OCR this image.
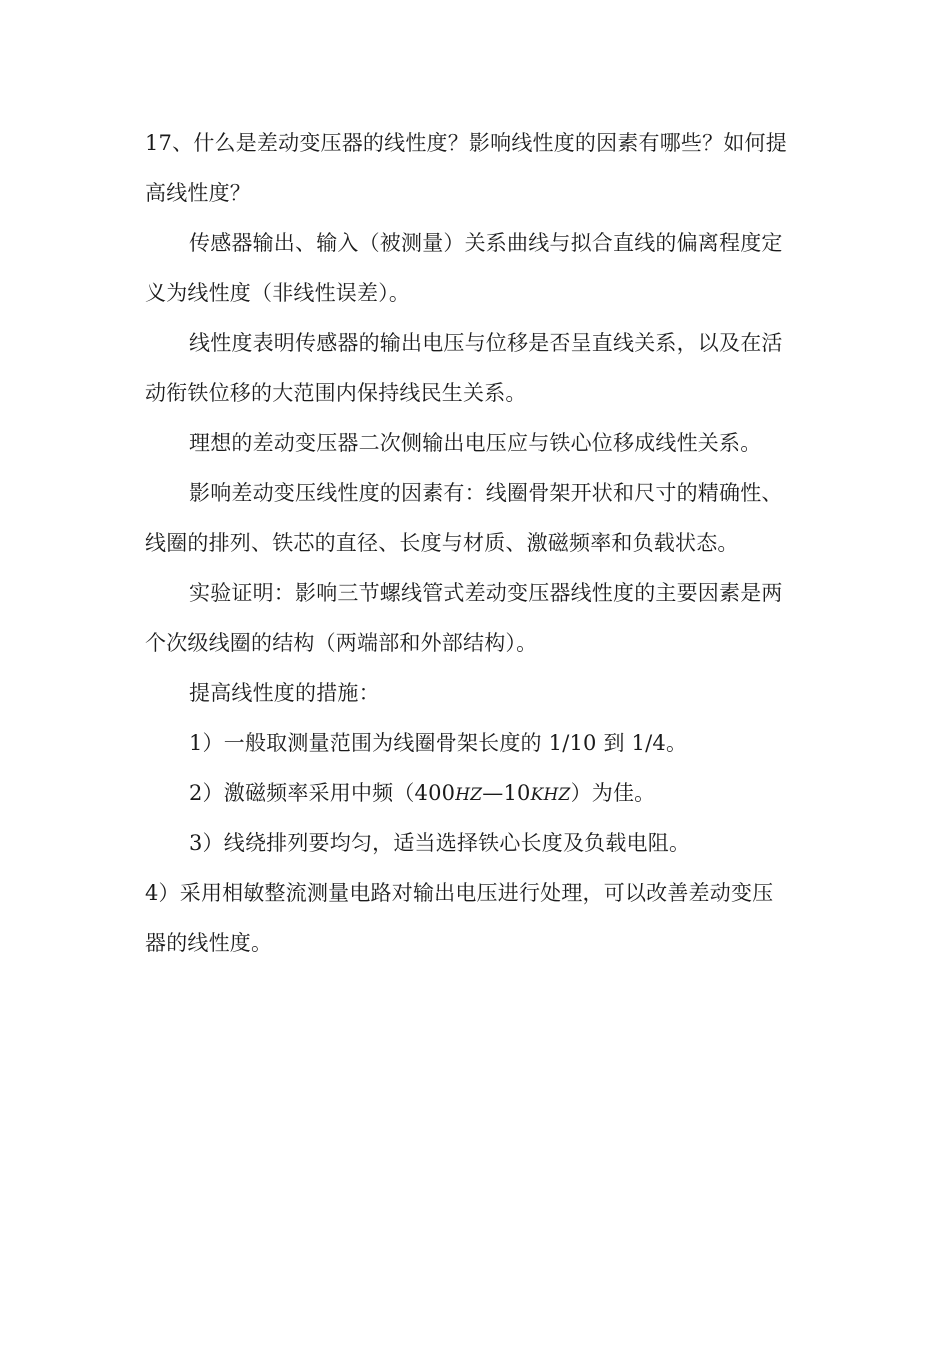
17、什么是差动变压器的线性度？影响线性度的因素有哪些？如何提
高线性度？
传感器输出、输入（被测量）关系曲线与拟合直线的偏离程度定
义为线性度（非线性误差）。
线性度表明传感器的输出电压与位移是否呈直线关系，以及在活
动衔铁位移的大范围内保持线民生关系。
理想的差动变压器二次侧输出电压应与铁心位移成线性关系。
影响差动变压线性度的因素有：线圈骨架开状和尺寸的精确性、
线圈的排列、铁芯的直径、长度与材质、激磁频率和负载状态。
实验证明：影响三节螺线管式差动变压器线性度的主要因素是两
个次级线圈的结构（两端部和外部结构）。
提高线性度的措施：
1）一般取测量范围为线圈骨架长度的 1/10 到 1/4。
2）激磁频率采用中频（400HZ—10KHZ）为佳。
3）线绕排列要均匀，适当选择铁心长度及负载电阻。
4）采用相敏整流测量电路对输出电压进行处理，可以改善差动变压
器的线性度。
